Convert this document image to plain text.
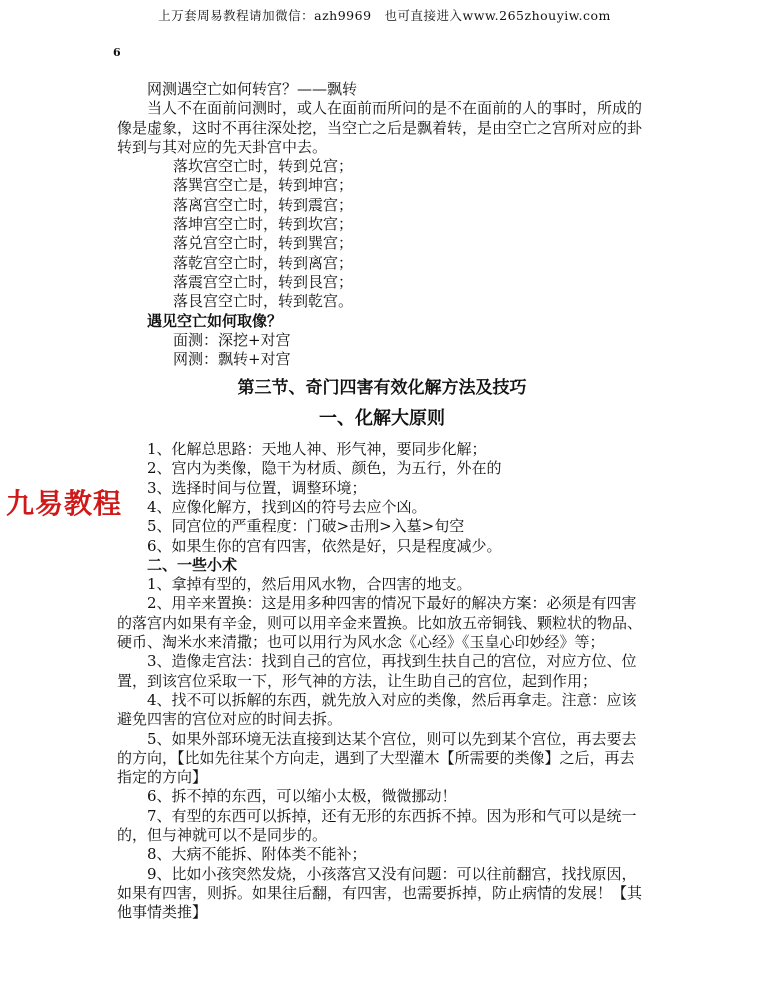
上万套周易教程请加微信：azh9969　也可直接进入www.265zhouyiw.com
6
九易教程
网测遇空亡如何转宫？——飘转
当人不在面前问测时，或人在面前而所问的是不在面前的人的事时，所成的
像是虚象，这时不再往深处挖，当空亡之后是飘着转，是由空亡之宫所对应的卦
转到与其对应的先天卦宫中去。
落坎宫空亡时，转到兑宫；
落巽宫空亡是，转到坤宫；
落离宫空亡时，转到震宫；
落坤宫空亡时，转到坎宫；
落兑宫空亡时，转到巽宫；
落乾宫空亡时，转到离宫；
落震宫空亡时，转到艮宫；
落艮宫空亡时，转到乾宫。
遇见空亡如何取像？
面测：深挖+对宫
网测：飘转+对宫
第三节、奇门四害有效化解方法及技巧
一、化解大原则
1、化解总思路：天地人神、形气神，要同步化解；
2、宫内为类像，隐干为材质、颜色，为五行，外在的
3、选择时间与位置，调整环境；
4、应像化解方，找到凶的符号去应个凶。
5、同宫位的严重程度：门破>击刑>入墓>旬空
6、如果生你的宫有四害，依然是好，只是程度减少。
二、一些小术
1、拿掉有型的，然后用风水物，合四害的地支。
2、用辛来置换：这是用多种四害的情况下最好的解决方案：必须是有四害
的落宫内如果有辛金，则可以用辛金来置换。比如放五帝铜钱、颗粒状的物品、
硬币、淘米水来清撒；也可以用行为风水念《心经》《玉皇心印妙经》等；
3、造像走宫法：找到自己的宫位，再找到生扶自己的宫位，对应方位、位
置，到该宫位采取一下，形气神的方法，让生助自己的宫位，起到作用；
4、找不可以拆解的东西，就先放入对应的类像，然后再拿走。注意：应该
避免四害的宫位对应的时间去拆。
5、如果外部环境无法直接到达某个宫位，则可以先到某个宫位，再去要去
的方向，【比如先往某个方向走，遇到了大型灌木【所需要的类像】之后，再去
指定的方向】
6、拆不掉的东西，可以缩小太极，微微挪动！
7、有型的东西可以拆掉，还有无形的东西拆不掉。因为形和气可以是统一
的，但与神就可以不是同步的。
8、大病不能拆、附体类不能补；
9、比如小孩突然发烧，小孩落宫又没有问题：可以往前翻宫，找找原因，
如果有四害，则拆。如果往后翻，有四害，也需要拆掉，防止病情的发展！【其
他事情类推】
